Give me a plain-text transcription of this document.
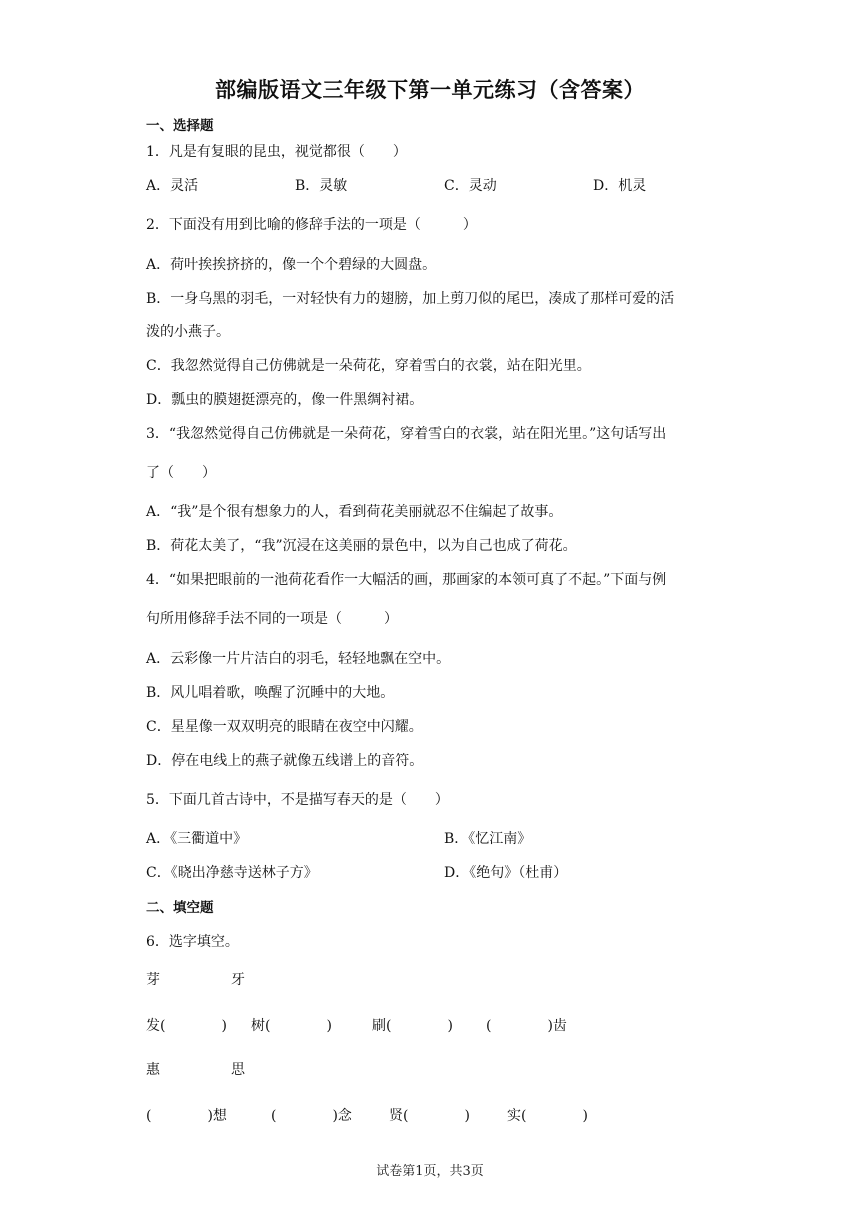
部编版语文三年级下第一单元练习（含答案）
一、选择题
1．凡是有复眼的昆虫，视觉都很（　　）
A．灵活	B．灵敏	C．灵动	D．机灵
2．下面没有用到比喻的修辞手法的一项是（　　　）
A．荷叶挨挨挤挤的，像一个个碧绿的大圆盘。
B．一身乌黑的羽毛，一对轻快有力的翅膀，加上剪刀似的尾巴，凑成了那样可爱的活
泼的小燕子。
C．我忽然觉得自己仿佛就是一朵荷花，穿着雪白的衣裳，站在阳光里。
D．瓢虫的膜翅挺漂亮的，像一件黑绸衬裙。
3．“我忽然觉得自己仿佛就是一朵荷花，穿着雪白的衣裳，站在阳光里。”这句话写出
了（　　）
A．“我”是个很有想象力的人，看到荷花美丽就忍不住编起了故事。
B．荷花太美了，“我”沉浸在这美丽的景色中，以为自己也成了荷花。
4．“如果把眼前的一池荷花看作一大幅活的画，那画家的本领可真了不起。”下面与例
句所用修辞手法不同的一项是（　　　）
A．云彩像一片片洁白的羽毛，轻轻地飘在空中。
B．风儿唱着歌，唤醒了沉睡中的大地。
C．星星像一双双明亮的眼睛在夜空中闪耀。
D．停在电线上的燕子就像五线谱上的音符。
5．下面几首古诗中，不是描写春天的是（　　）
A．《三衢道中》	B．《忆江南》
C．《晓出净慈寺送林子方》	D．《绝句》（杜甫）
二、填空题
6．选字填空。
芽	牙
发(　　　　) 树(　　　　)	刷(　　　　) (　　　　)齿
惠	思
(　　　　)想	(　　　　)念	贤(　　　　)	实(　　　　)
试卷第1页，共3页
